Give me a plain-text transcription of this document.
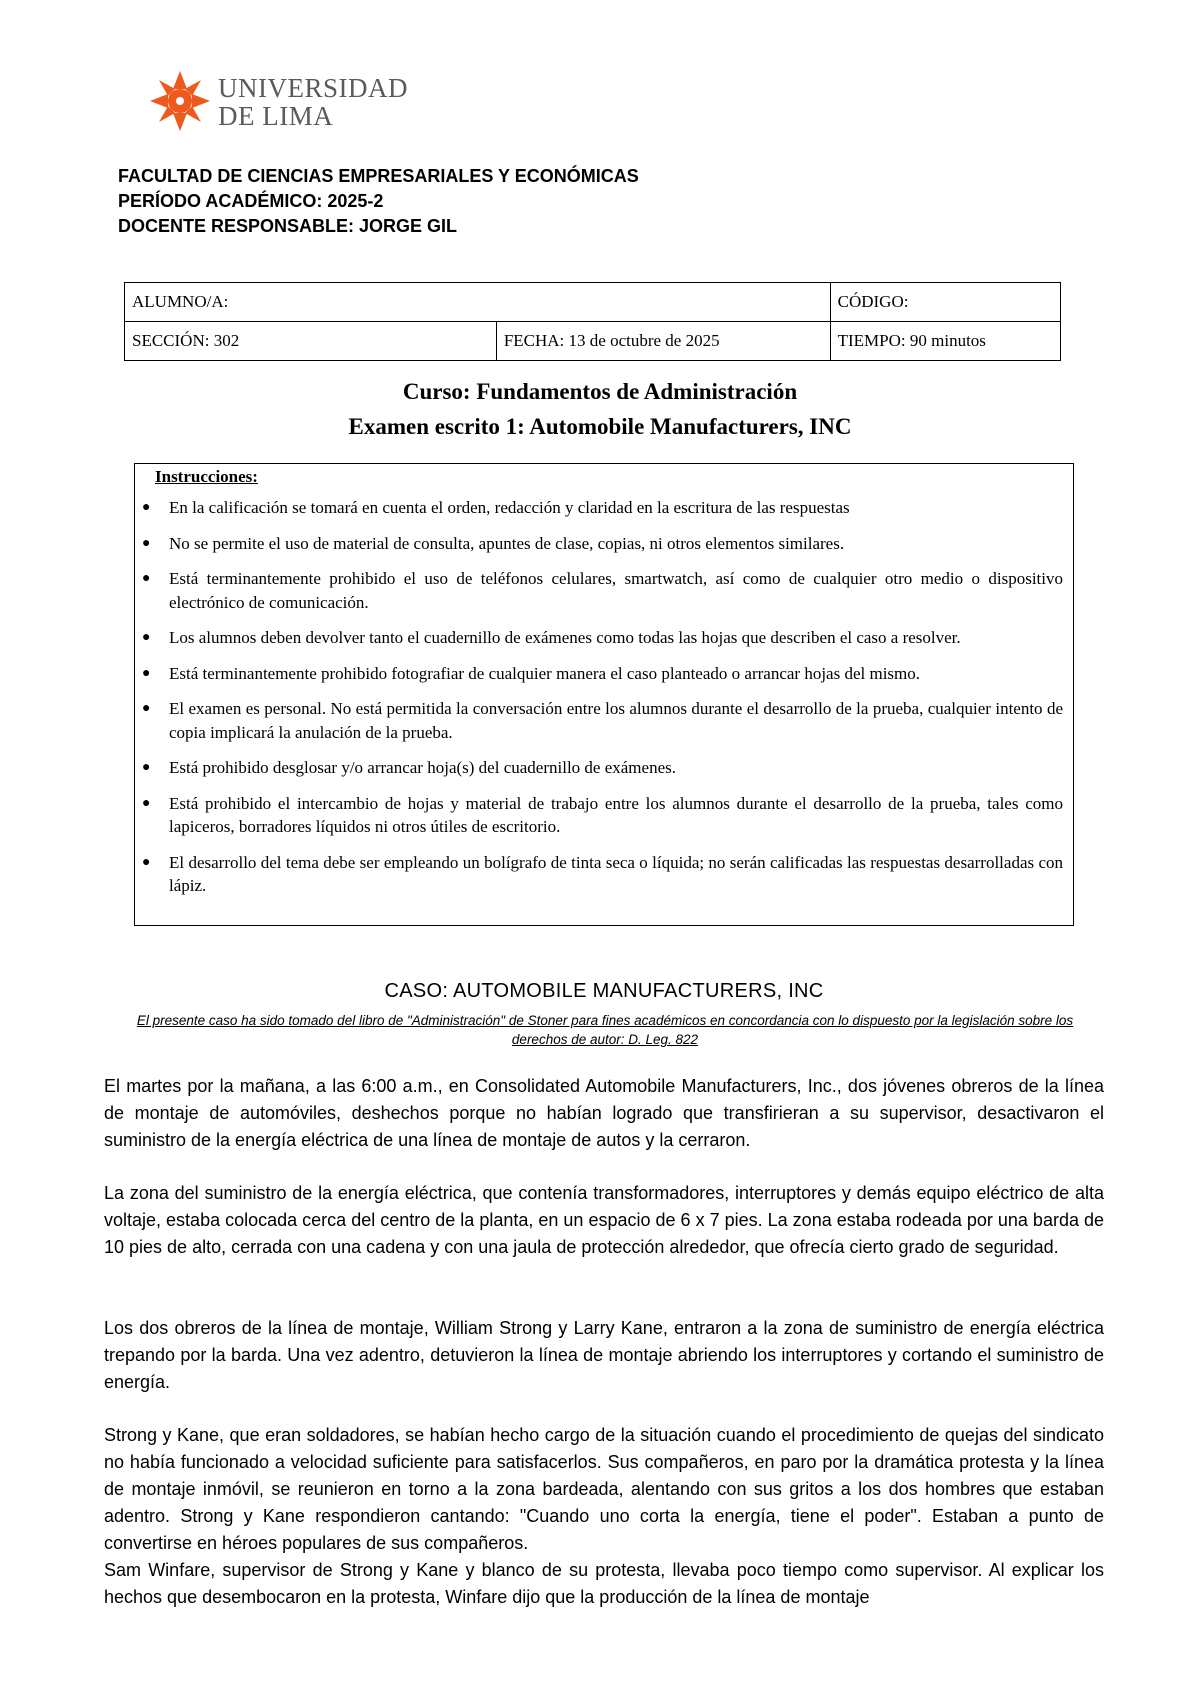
UNIVERSIDAD
DE LIMA
FACULTAD DE CIENCIAS EMPRESARIALES Y ECONÓMICAS
PERÍODO ACADÉMICO: 2025-2
DOCENTE RESPONSABLE: JORGE GIL
ALUMNO/A:		CÓDIGO:
SECCIÓN: 302	FECHA: 13 de octubre de 2025	TIEMPO: 90 minutos
Curso: Fundamentos de Administración
Examen escrito 1: Automobile Manufacturers, INC
Instrucciones:
● En la calificación se tomará en cuenta el orden, redacción y claridad en la escritura de las respuestas
● No se permite el uso de material de consulta, apuntes de clase, copias, ni otros elementos similares.
● Está terminantemente prohibido el uso de teléfonos celulares, smartwatch, así como de cualquier otro medio o dispositivo electrónico de comunicación.
● Los alumnos deben devolver tanto el cuadernillo de exámenes como todas las hojas que describen el caso a resolver.
● Está terminantemente prohibido fotografiar de cualquier manera el caso planteado o arrancar hojas del mismo.
● El examen es personal. No está permitida la conversación entre los alumnos durante el desarrollo de la prueba, cualquier intento de copia implicará la anulación de la prueba.
● Está prohibido desglosar y/o arrancar hoja(s) del cuadernillo de exámenes.
● Está prohibido el intercambio de hojas y material de trabajo entre los alumnos durante el desarrollo de la prueba, tales como lapiceros, borradores líquidos ni otros útiles de escritorio.
● El desarrollo del tema debe ser empleando un bolígrafo de tinta seca o líquida; no serán calificadas las respuestas desarrolladas con lápiz.
CASO: AUTOMOBILE MANUFACTURERS, INC
El presente caso ha sido tomado del libro de "Administración" de Stoner para fines académicos en concordancia con lo dispuesto por la legislación sobre los derechos de autor: D. Leg. 822

El martes por la mañana, a las 6:00 a.m., en Consolidated Automobile Manufacturers, Inc., dos jóvenes obreros de la línea de montaje de automóviles, deshechos porque no habían logrado que transfirieran a su supervisor, desactivaron el suministro de la energía eléctrica de una línea de montaje de autos y la cerraron.

La zona del suministro de la energía eléctrica, que contenía transformadores, interruptores y demás equipo eléctrico de alta voltaje, estaba colocada cerca del centro de la planta, en un espacio de 6 x 7 pies. La zona estaba rodeada por una barda de 10 pies de alto, cerrada con una cadena y con una jaula de protección alrededor, que ofrecía cierto grado de seguridad.

Los dos obreros de la línea de montaje, William Strong y Larry Kane, entraron a la zona de suministro de energía eléctrica trepando por la barda. Una vez adentro, detuvieron la línea de montaje abriendo los interruptores y cortando el suministro de energía.

Strong y Kane, que eran soldadores, se habían hecho cargo de la situación cuando el procedimiento de quejas del sindicato no había funcionado a velocidad suficiente para satisfacerlos. Sus compañeros, en paro por la dramática protesta y la línea de montaje inmóvil, se reunieron en torno a la zona bardeada, alentando con sus gritos a los dos hombres que estaban adentro. Strong y Kane respondieron cantando: "Cuando uno corta la energía, tiene el poder". Estaban a punto de convertirse en héroes populares de sus compañeros.

Sam Winfare, supervisor de Strong y Kane y blanco de su protesta, llevaba poco tiempo como supervisor. Al explicar los hechos que desembocaron en la protesta, Winfare dijo que la producción de la línea de montaje
